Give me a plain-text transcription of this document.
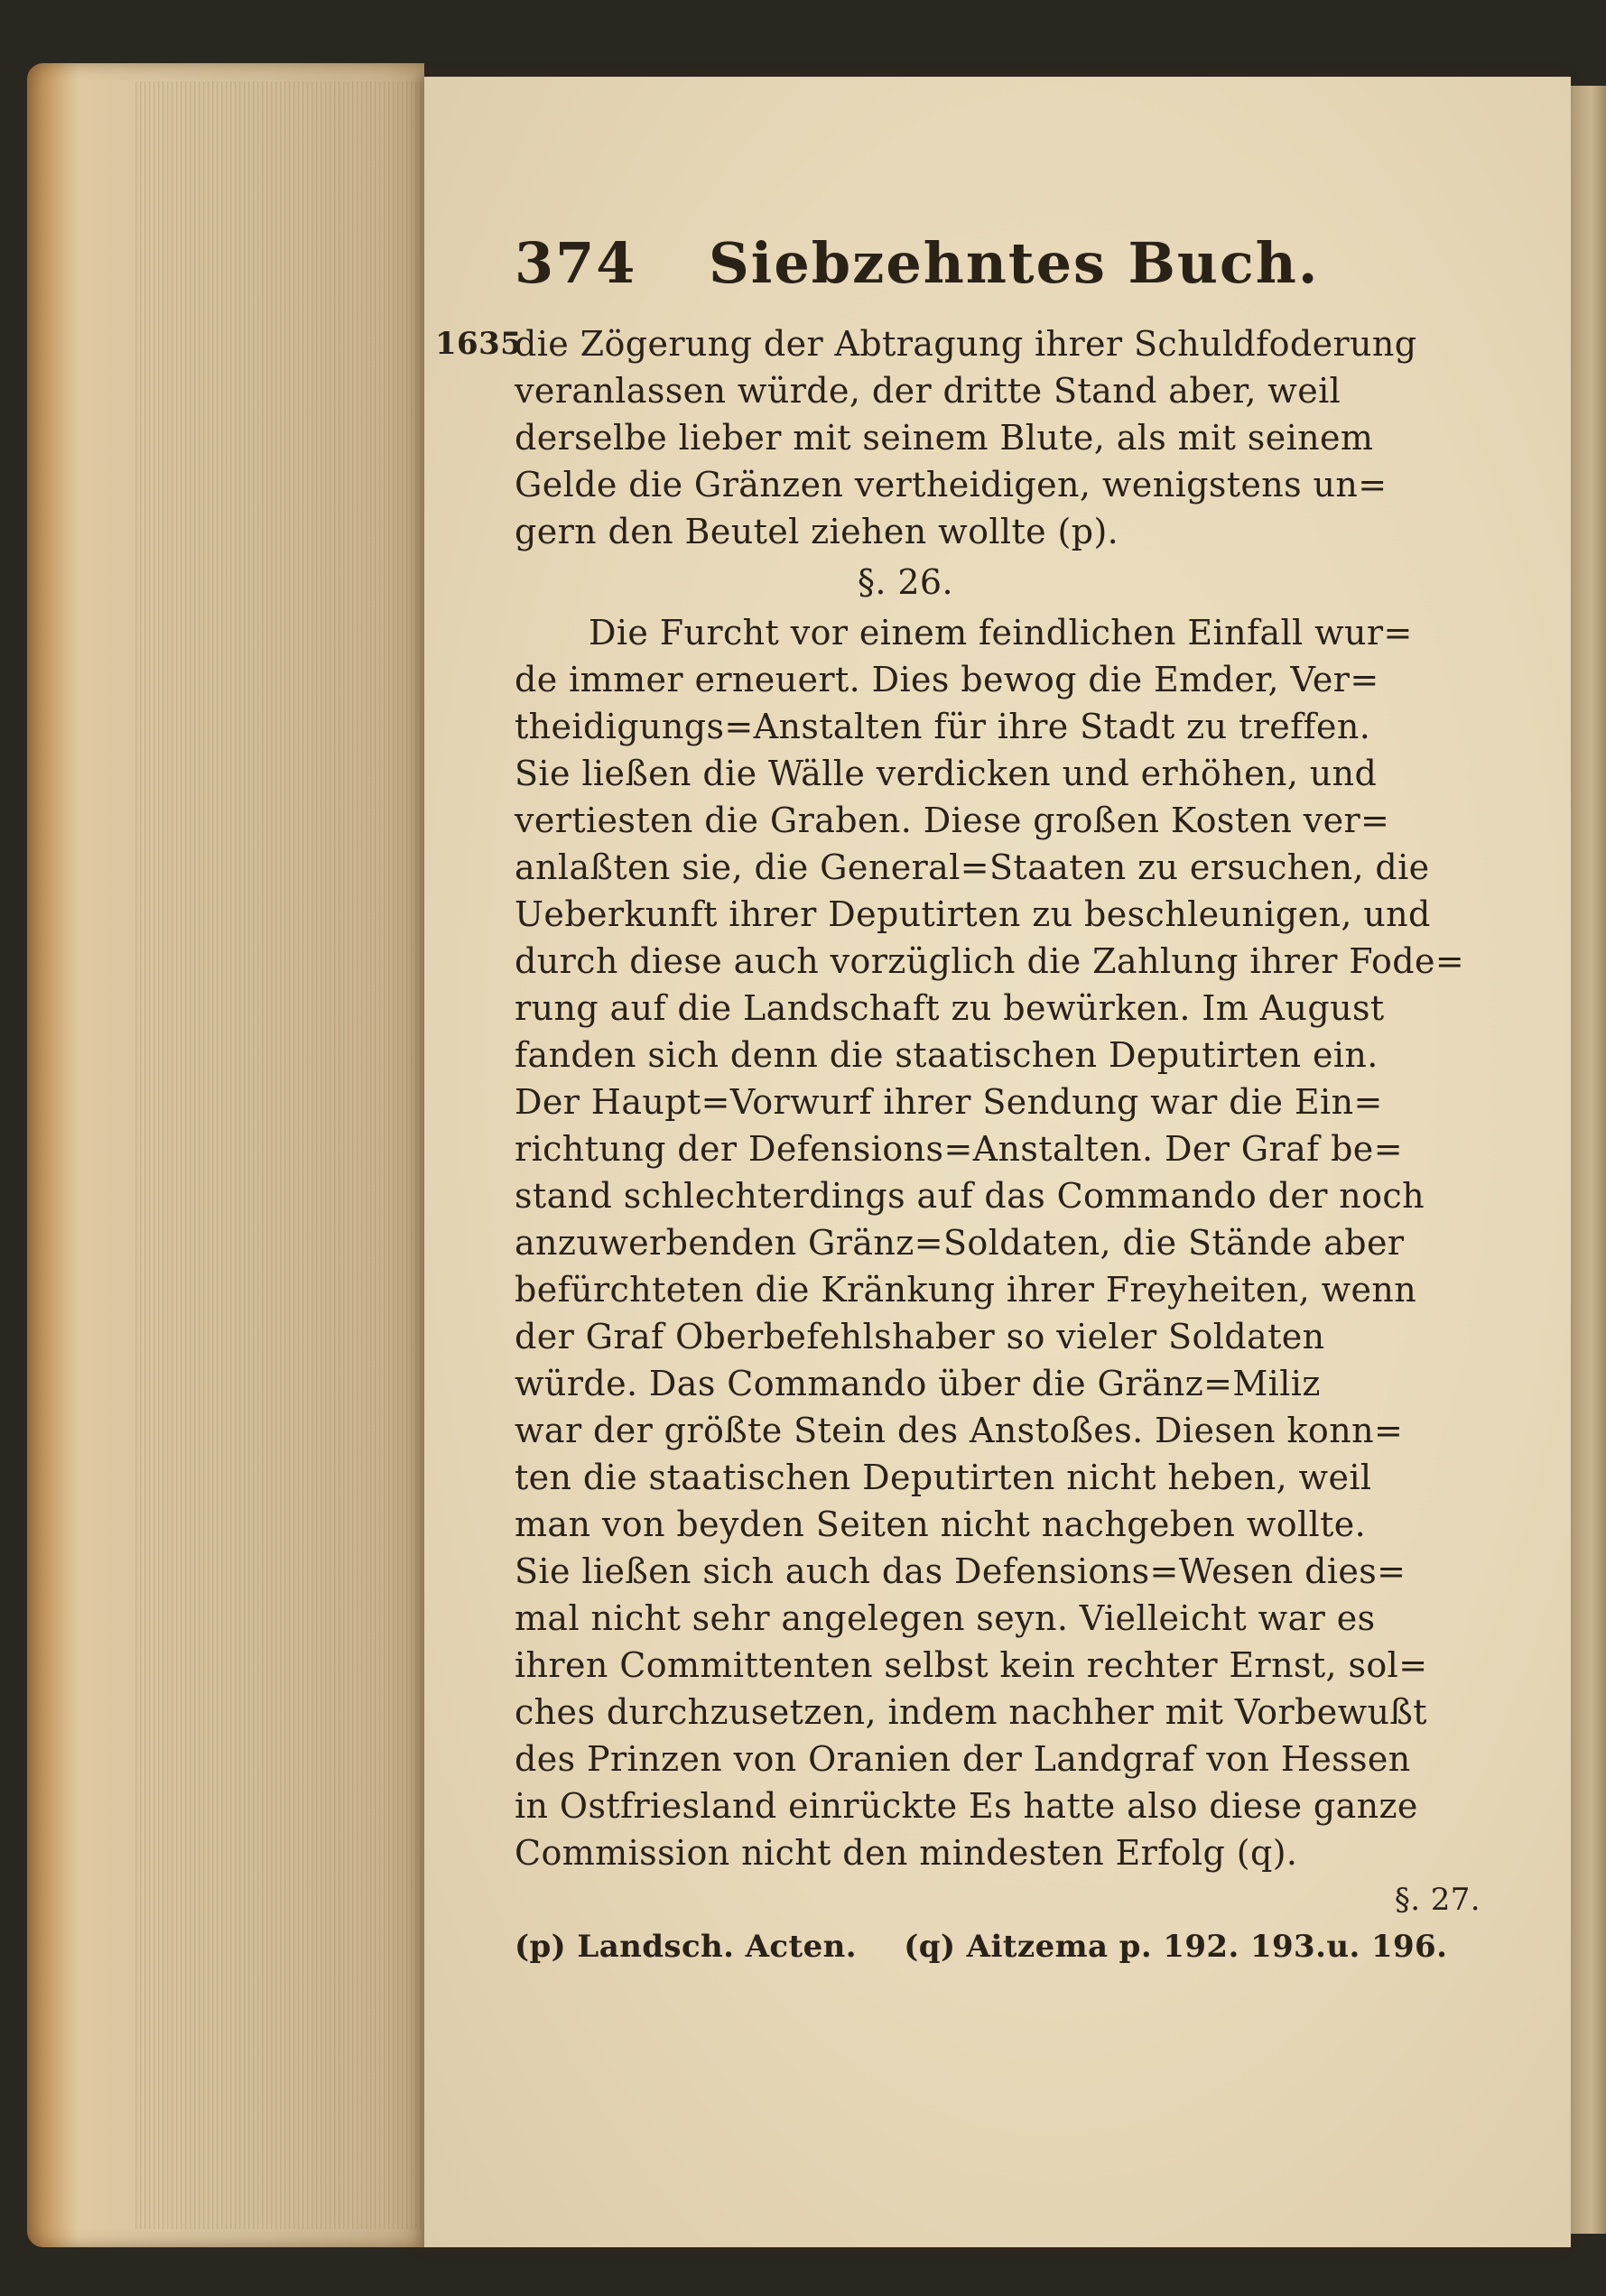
374 Siebzehntes Buch.
1635
die Zögerung der Abtragung ihrer Schuldfoderung
veranlassen würde, der dritte Stand aber, weil
derselbe lieber mit seinem Blute, als mit seinem
Gelde die Gränzen vertheidigen, wenigstens un=
gern den Beutel ziehen wollte (p).
§. 26.
Die Furcht vor einem feindlichen Einfall wur=
de immer erneuert. Dies bewog die Emder, Ver=
theidigungs=Anstalten für ihre Stadt zu treffen.
Sie ließen die Wälle verdicken und erhöhen, und
vertiesten die Graben. Diese großen Kosten ver=
anlaßten sie, die General=Staaten zu ersuchen, die
Ueberkunft ihrer Deputirten zu beschleunigen, und
durch diese auch vorzüglich die Zahlung ihrer Fode=
rung auf die Landschaft zu bewürken. Im August
fanden sich denn die staatischen Deputirten ein.
Der Haupt=Vorwurf ihrer Sendung war die Ein=
richtung der Defensions=Anstalten. Der Graf be=
stand schlechterdings auf das Commando der noch
anzuwerbenden Gränz=Soldaten, die Stände aber
befürchteten die Kränkung ihrer Freyheiten, wenn
der Graf Oberbefehlshaber so vieler Soldaten
würde. Das Commando über die Gränz=Miliz
war der größte Stein des Anstoßes. Diesen konn=
ten die staatischen Deputirten nicht heben, weil
man von beyden Seiten nicht nachgeben wollte.
Sie ließen sich auch das Defensions=Wesen dies=
mal nicht sehr angelegen seyn. Vielleicht war es
ihren Committenten selbst kein rechter Ernst, sol=
ches durchzusetzen, indem nachher mit Vorbewußt
des Prinzen von Oranien der Landgraf von Hessen
in Ostfriesland einrückte Es hatte also diese ganze
Commission nicht den mindesten Erfolg (q).
§. 27.
(p) Landsch. Acten. (q) Aitzema p. 192. 193.u. 196.
